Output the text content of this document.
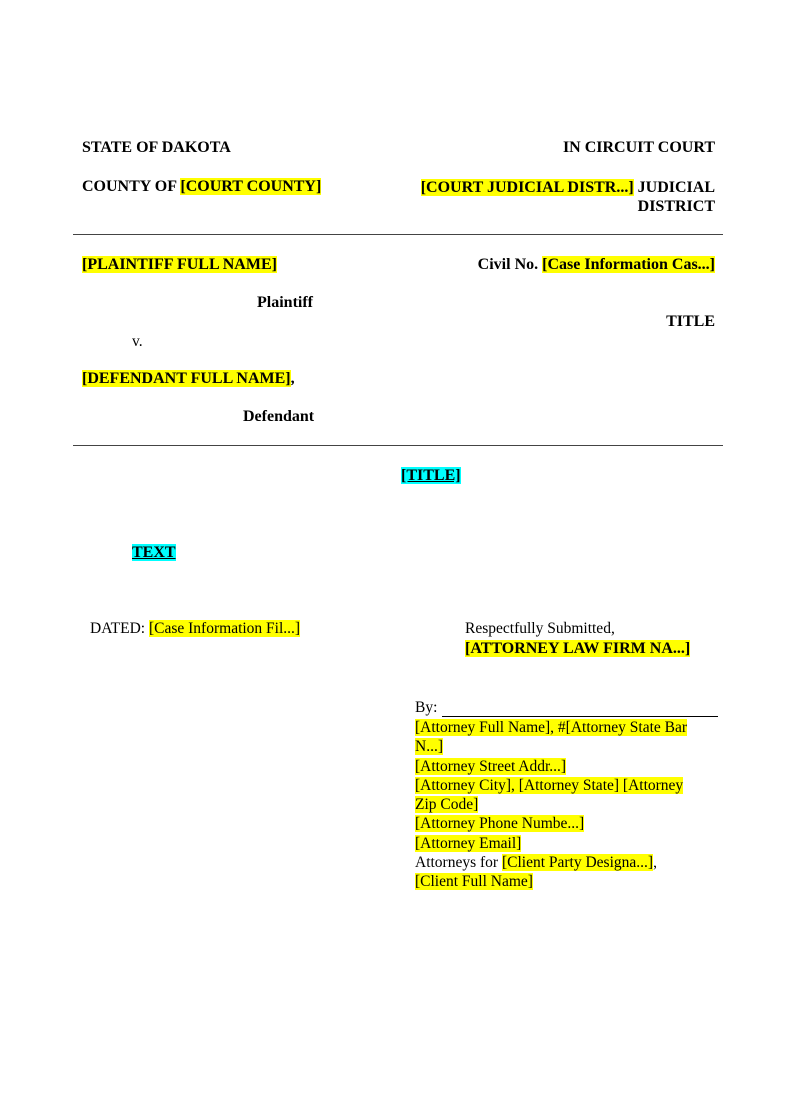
STATE OF DAKOTA	IN CIRCUIT COURT
COUNTY OF [COURT COUNTY]	[COURT JUDICIAL DISTR...] JUDICIAL
DISTRICT
[PLAINTIFF FULL NAME]	Civil No. [Case Information Cas...]
Plaintiff
TITLE
v.
[DEFENDANT FULL NAME],
Defendant
[TITLE]
TEXT
DATED: [Case Information Fil...]	Respectfully Submitted,
[ATTORNEY LAW FIRM NA...]
By:
[Attorney Full Name], #[Attorney State Bar
N...]
[Attorney Street Addr...]
[Attorney City], [Attorney State] [Attorney
Zip Code]
[Attorney Phone Numbe...]
[Attorney Email]
Attorneys for [Client Party Designa...],
[Client Full Name]
